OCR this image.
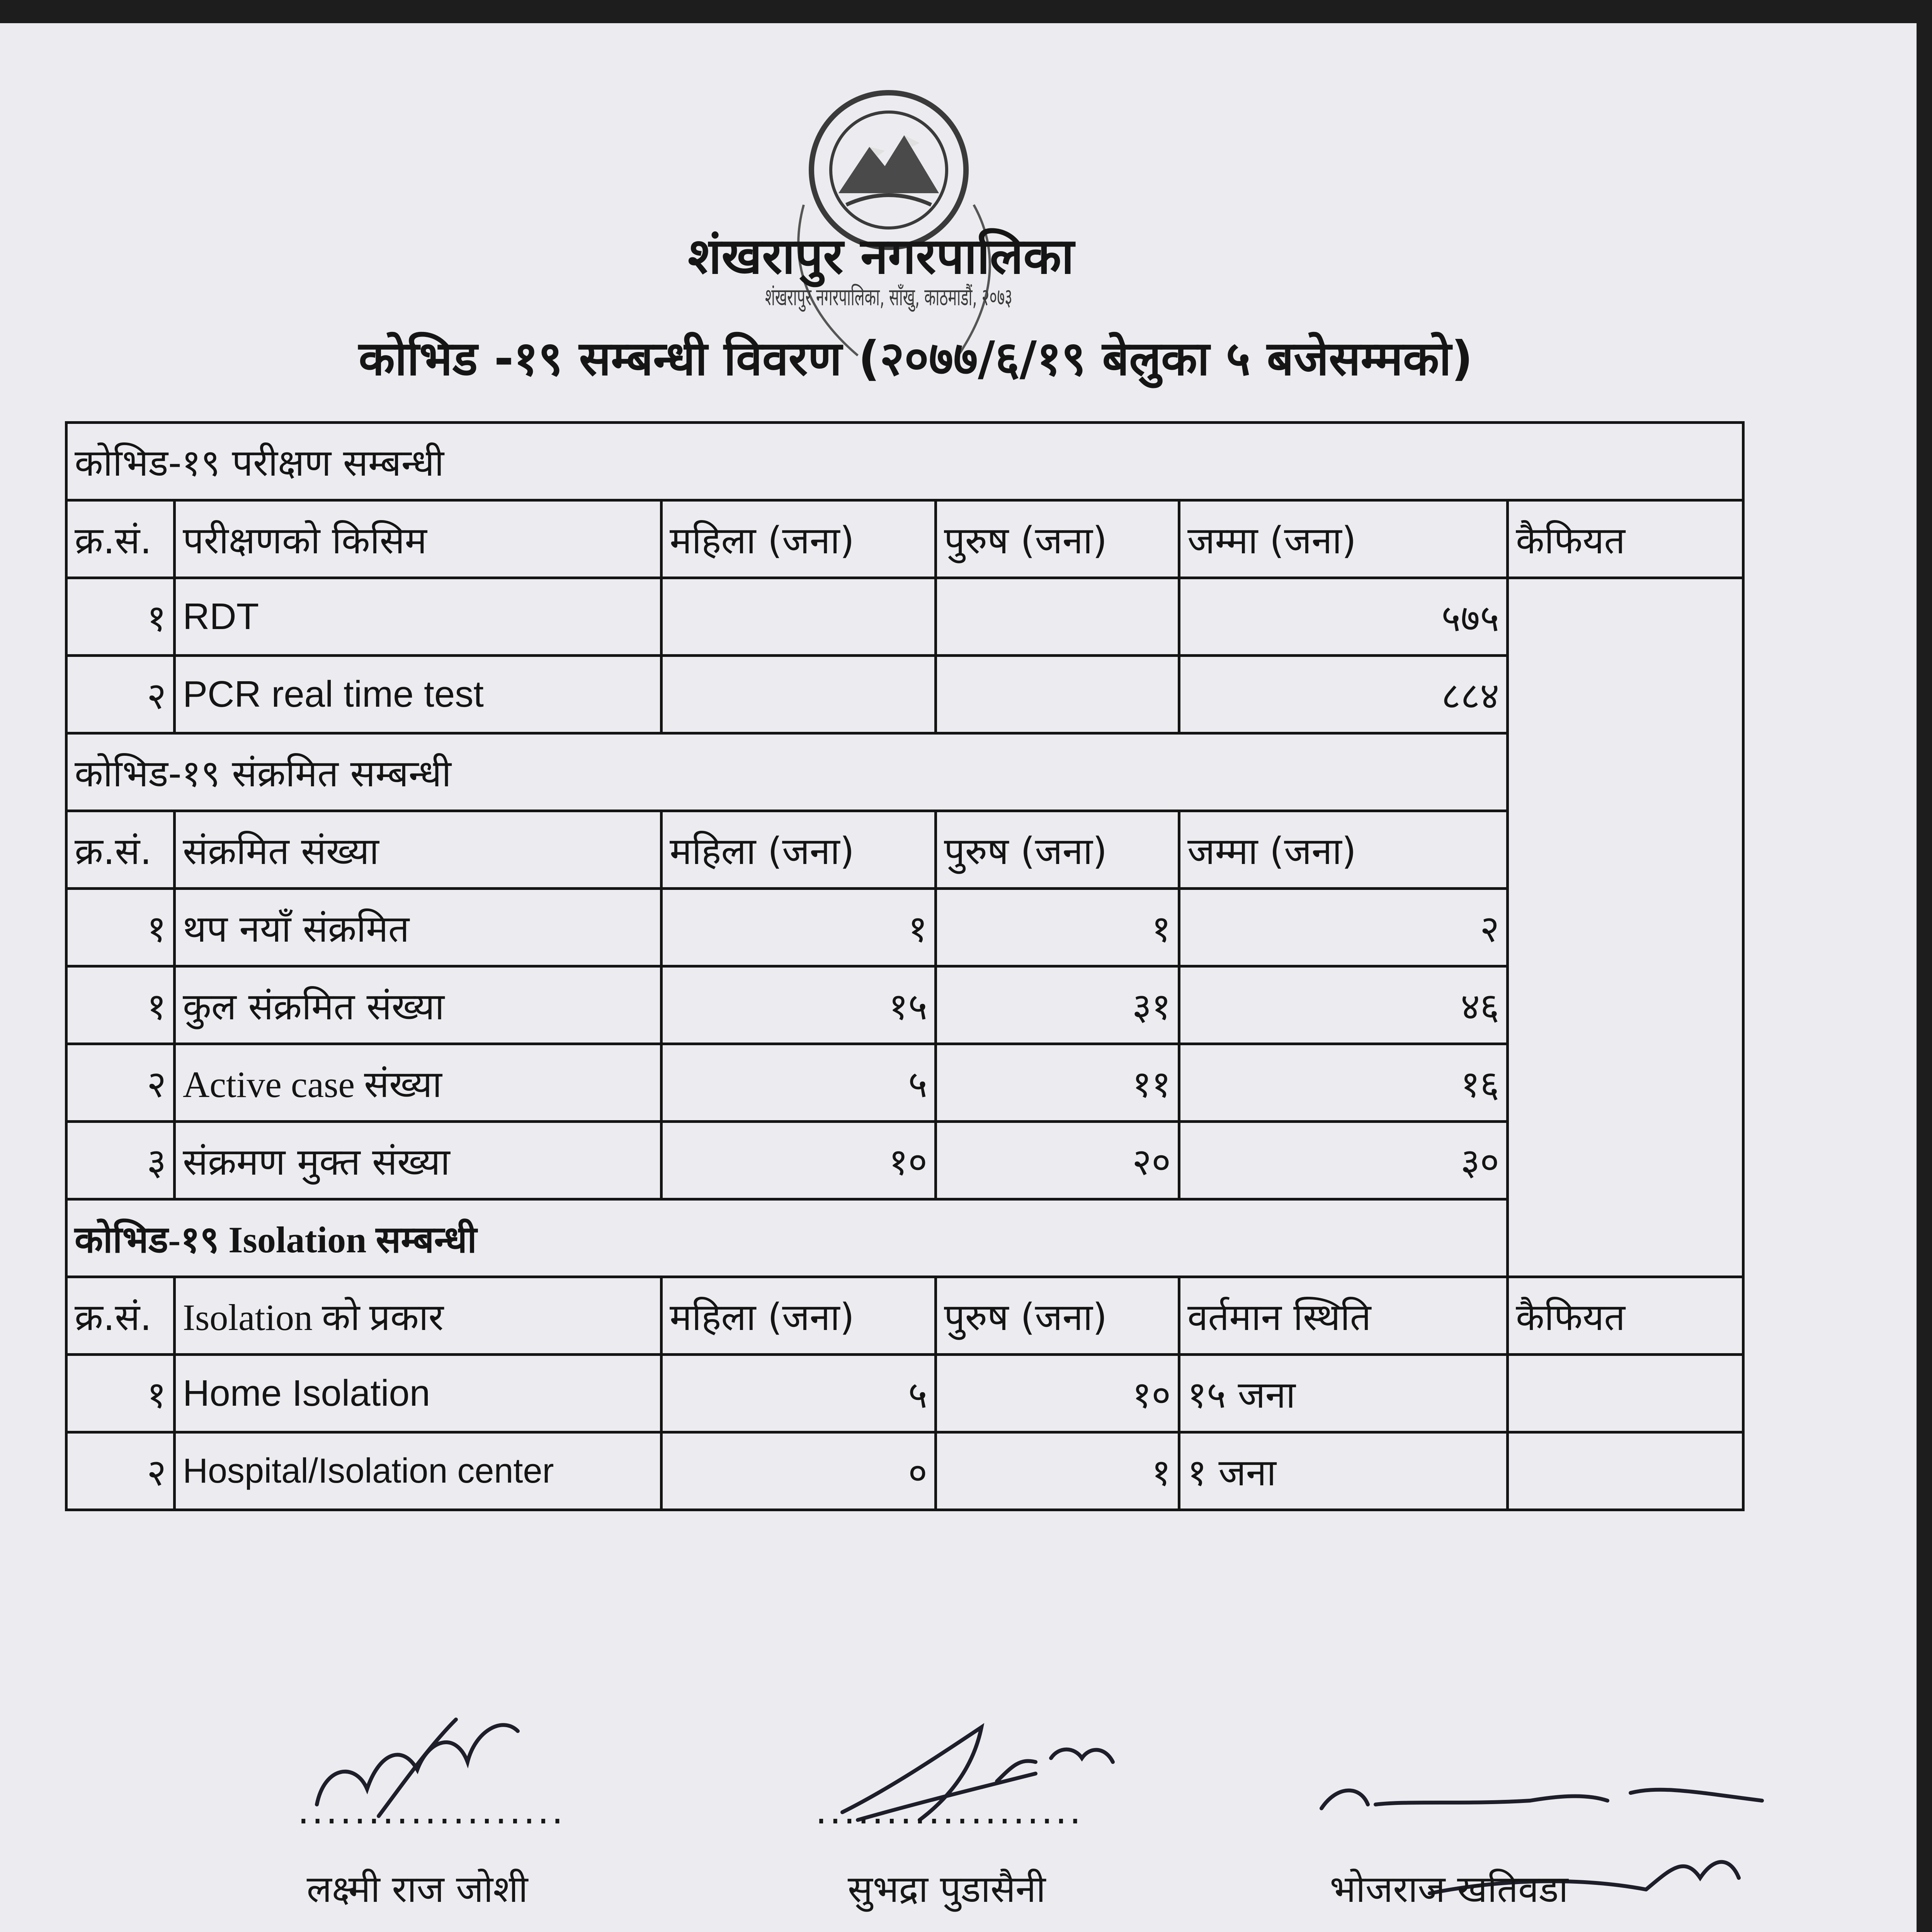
शंखरापुर नगरपालिका, साँखु, काठमाडौं, २०७३
शंखरापुर नगरपालिका
कोभिड -१९ सम्बन्धी विवरण (२०७७/६/१९ बेलुका ५ बजेसम्मको)
कोभिड-१९ परीक्षण सम्बन्धी					
क्र.सं.	परीक्षणको किसिम	महिला (जना)	पुरुष (जना)	जम्मा (जना)	कैफियत
१	RDT			५७५	
२	PCR real time test			८८४	
कोभिड-१९ संक्रमित सम्बन्धी					
क्र.सं.	संक्रमित संख्या	महिला (जना)	पुरुष (जना)	जम्मा (जना)	
१	थप नयाँ संक्रमित	१	१	२	
१	कुल संक्रमित संख्या	१५	३१	४६	
२	Active case संख्या	५	११	१६	
३	संक्रमण मुक्त संख्या	१०	२०	३०	
कोभिड-१९ Isolation सम्बन्धी					
क्र.सं.	Isolation को प्रकार	महिला (जना)	पुरुष (जना)	वर्तमान स्थिति	कैफियत
१	Home Isolation	५	१०	१५ जना	
२	Hospital/Isolation center	०	१	१ जना	
...................
लक्ष्मी राज जोशी
...................
सुभद्रा पुडासैनी	भोजराज खतिवडा
